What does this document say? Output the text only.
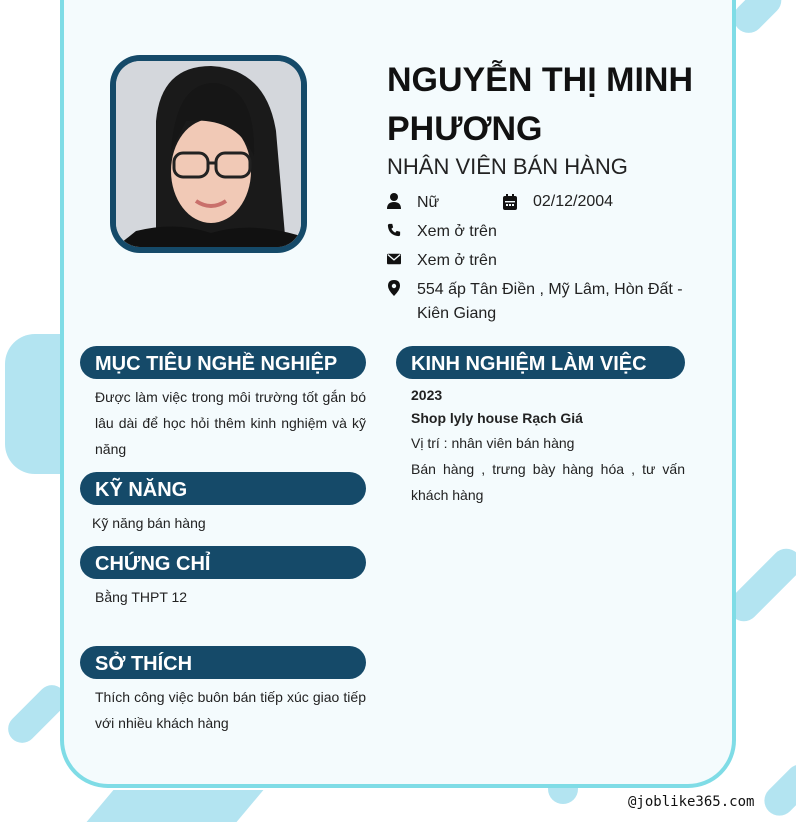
NGUYỄN THỊ MINH PHƯƠNG
NHÂN VIÊN BÁN HÀNG
Nữ	02/12/2004
Xem ở trên
Xem ở trên
554 ấp Tân Điền , Mỹ Lâm, Hòn Đất - Kiên Giang
MỤC TIÊU NGHỀ NGHIỆP
Được làm việc trong môi trường tốt gắn bó lâu dài để học hỏi thêm kinh nghiệm và kỹ năng
KỸ NĂNG
Kỹ năng bán hàng
CHỨNG CHỈ
Bằng THPT 12
SỞ THÍCH
Thích công việc buôn bán tiếp xúc giao tiếp với nhiều khách hàng
KINH NGHIỆM LÀM VIỆC
2023
Shop lyly house Rạch Giá
Vị trí : nhân viên bán hàng
Bán hàng , trưng bày hàng hóa , tư vấn khách hàng
@joblike365.com
